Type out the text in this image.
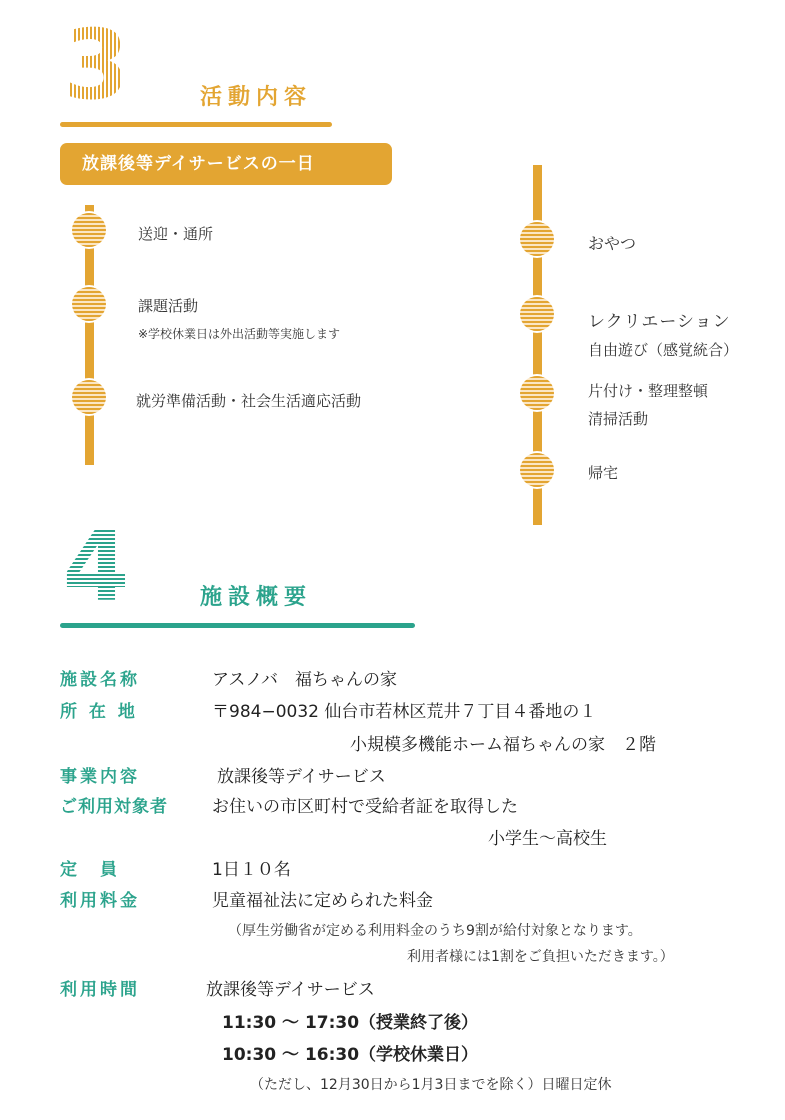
3	活動内容
放課後等デイサービスの一日
送迎・通所
課題活動
※学校休業日は外出活動等実施します
就労準備活動・社会生活適応活動
おやつ
レクリエーション
自由遊び（感覚統合）
片付け・整理整頓
清掃活動
帰宅
4	施設概要
施設名称	アスノバ　福ちゃんの家
所 在 地	〒984−0032 仙台市若林区荒井７丁目４番地の１
小規模多機能ホーム福ちゃんの家　２階
事業内容	放課後等デイサービス
ご利用対象者	お住いの市区町村で受給者証を取得した
小学生〜高校生
定　員	1日１０名
利用料金	児童福祉法に定められた料金
（厚生労働省が定める利用料金のうち9割が給付対象となります。
利用者様には1割をご負担いただきます。）
利用時間	放課後等デイサービス
11:30 ～ 17:30（授業終了後）
10:30 ～ 16:30（学校休業日）
（ただし、12月30日から1月3日までを除く）日曜日定休
